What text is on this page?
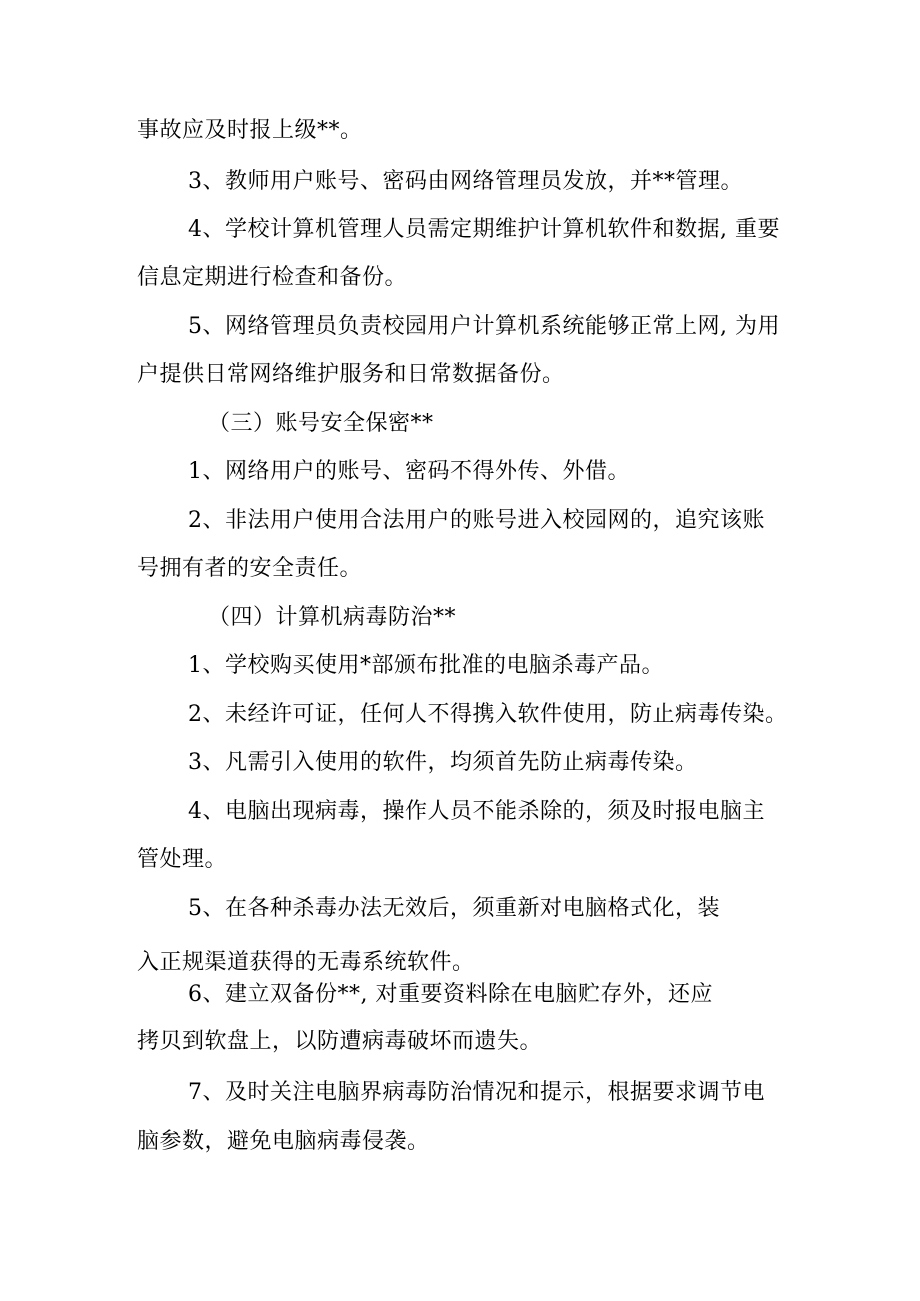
事故应及时报上级**。
3、教师用户账号、密码由网络管理员发放，并**管理。
4、学校计算机管理人员需定期维护计算机软件和数据, 重要
信息定期进行检查和备份。
5、网络管理员负责校园用户计算机系统能够正常上网, 为用
户提供日常网络维护服务和日常数据备份。
（三）账号安全保密**
1、网络用户的账号、密码不得外传、外借。
2、非法用户使用合法用户的账号进入校园网的，追究该账
号拥有者的安全责任。
（四）计算机病毒防治**
1、学校购买使用*部颁布批准的电脑杀毒产品。
2、未经许可证，任何人不得携入软件使用，防止病毒传染。
3、凡需引入使用的软件，均须首先防止病毒传染。
4、电脑出现病毒，操作人员不能杀除的，须及时报电脑主
管处理。
5、在各种杀毒办法无效后，须重新对电脑格式化，装
入正规渠道获得的无毒系统软件。
6、建立双备份**, 对重要资料除在电脑贮存外，还应
拷贝到软盘上，以防遭病毒破坏而遗失。
7、及时关注电脑界病毒防治情况和提示，根据要求调节电
脑参数，避免电脑病毒侵袭。
